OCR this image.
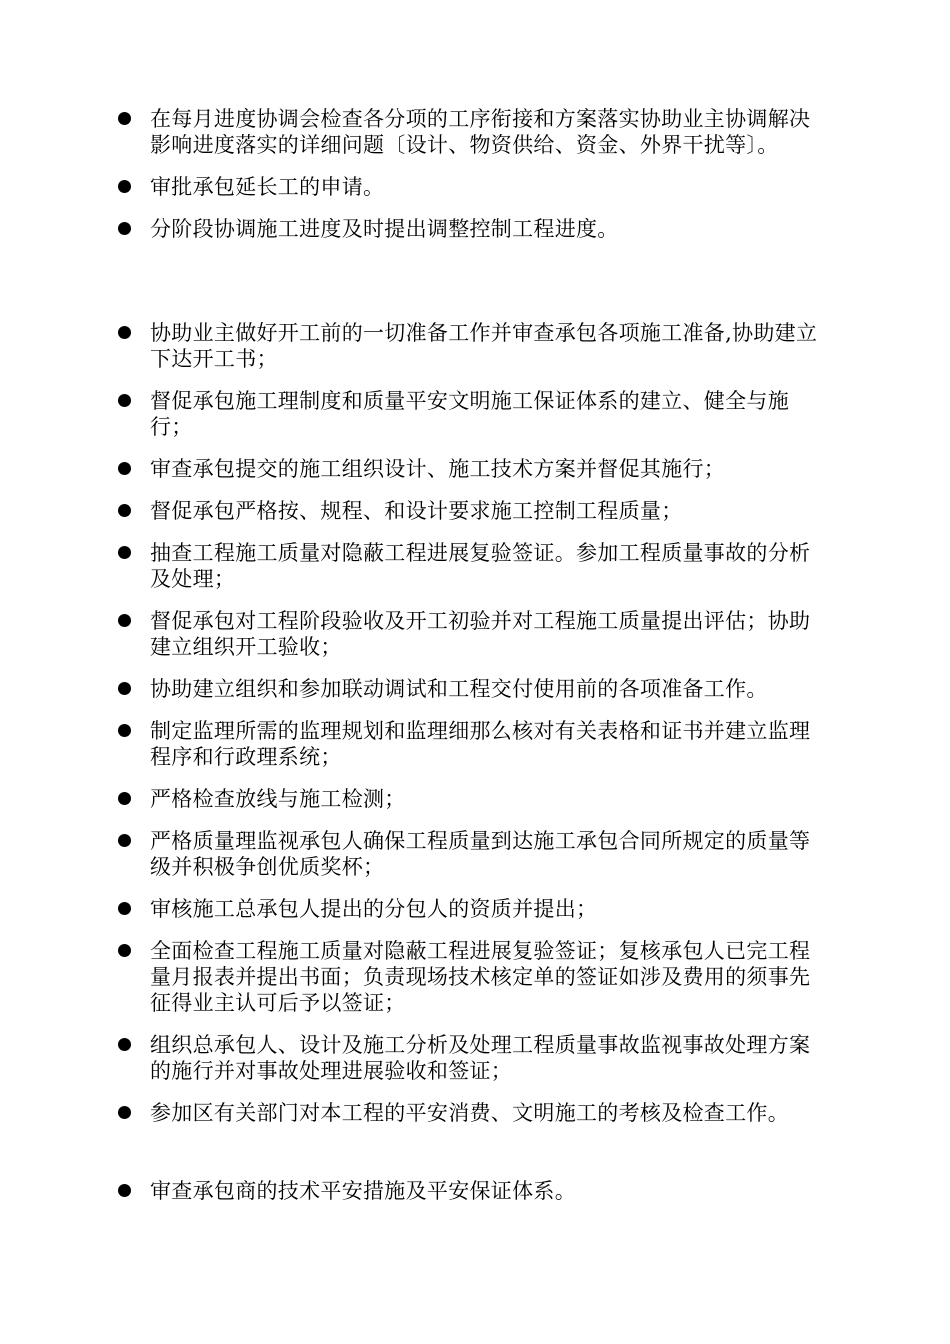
在每月进度协调会检查各分项的工序衔接和方案落实协助业主协调解决影响进度落实的详细问题〔设计、物资供给、资金、外界干扰等〕。
审批承包延长工的申请。
分阶段协调施工进度及时提出调整控制工程进度。
协助业主做好开工前的一切准备工作并审查承包各项施工准备,协助建立下达开工书；
督促承包施工理制度和质量平安文明施工保证体系的建立、健全与施行；
审查承包提交的施工组织设计、施工技术方案并督促其施行；
督促承包严格按、规程、和设计要求施工控制工程质量；
抽查工程施工质量对隐蔽工程进展复验签证。参加工程质量事故的分析及处理；
督促承包对工程阶段验收及开工初验并对工程施工质量提出评估；协助建立组织开工验收；
协助建立组织和参加联动调试和工程交付使用前的各项准备工作。
制定监理所需的监理规划和监理细那么核对有关表格和证书并建立监理程序和行政理系统；
严格检查放线与施工检测；
严格质量理监视承包人确保工程质量到达施工承包合同所规定的质量等级并积极争创优质奖杯；
审核施工总承包人提出的分包人的资质并提出；
全面检查工程施工质量对隐蔽工程进展复验签证；复核承包人已完工程量月报表并提出书面；负责现场技术核定单的签证如涉及费用的须事先征得业主认可后予以签证；
组织总承包人、设计及施工分析及处理工程质量事故监视事故处理方案的施行并对事故处理进展验收和签证；
参加区有关部门对本工程的平安消费、文明施工的考核及检查工作。
审查承包商的技术平安措施及平安保证体系。
